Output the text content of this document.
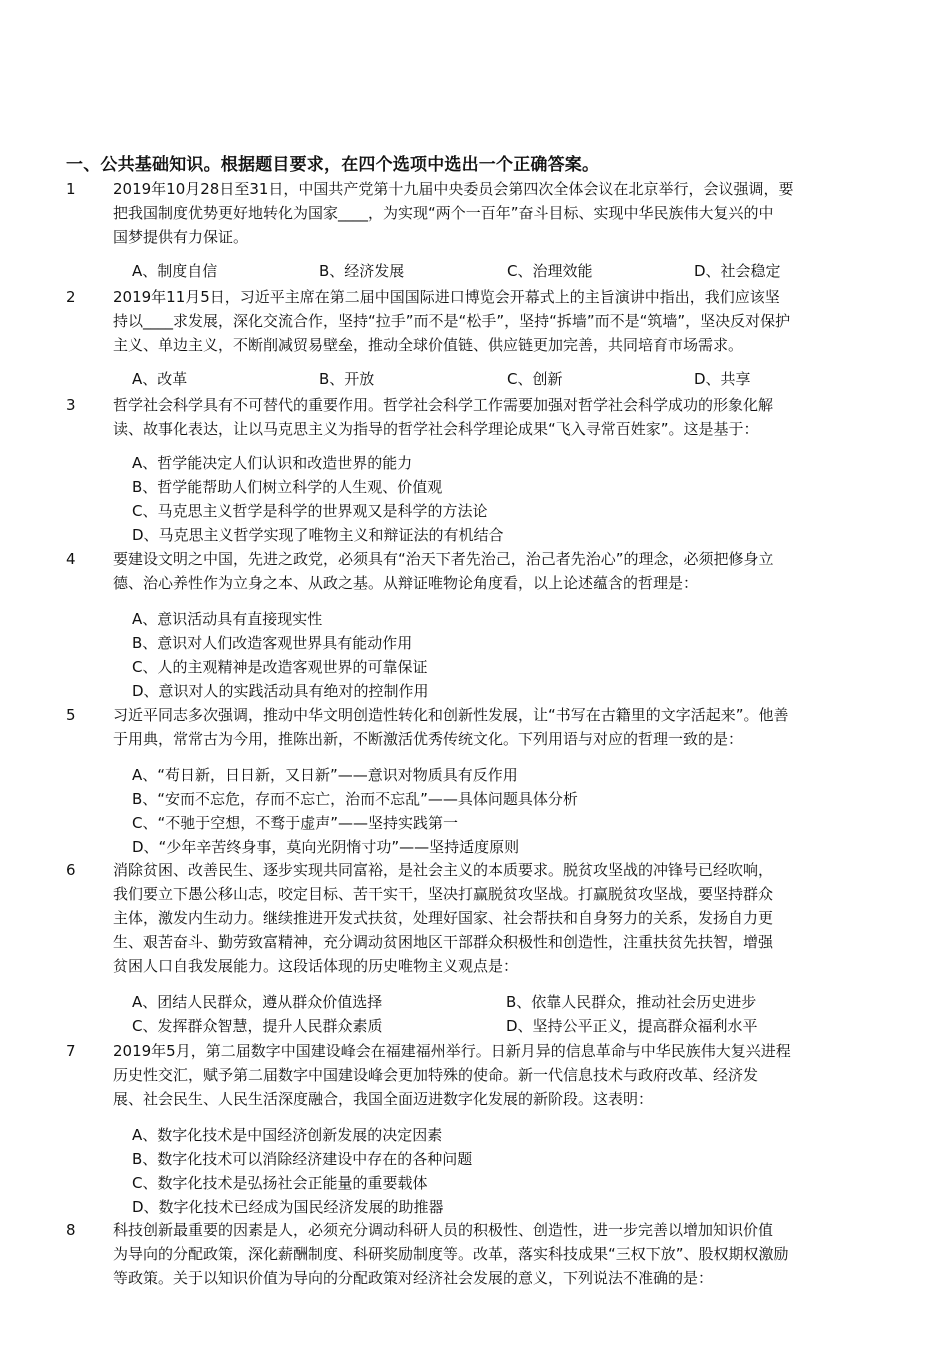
一、公共基础知识。根据题目要求，在四个选项中选出一个正确答案。
1 2019年10月28日至31日，中国共产党第十九届中央委员会第四次全体会议在北京举行，会议强调，要
把我国制度优势更好地转化为国家____，为实现“两个一百年”奋斗目标、实现中华民族伟大复兴的中
国梦提供有力保证。
A、制度自信	B、经济发展	C、治理效能	D、社会稳定
2 2019年11月5日，习近平主席在第二届中国国际进口博览会开幕式上的主旨演讲中指出，我们应该坚
持以____求发展，深化交流合作，坚持“拉手”而不是“松手”，坚持“拆墙”而不是“筑墙”，坚决反对保护
主义、单边主义，不断削减贸易壁垒，推动全球价值链、供应链更加完善，共同培育市场需求。
A、改革	B、开放	C、创新	D、共享
3 哲学社会科学具有不可替代的重要作用。哲学社会科学工作需要加强对哲学社会科学成功的形象化解
读、故事化表达，让以马克思主义为指导的哲学社会科学理论成果“飞入寻常百姓家”。这是基于：
A、哲学能决定人们认识和改造世界的能力
B、哲学能帮助人们树立科学的人生观、价值观
C、马克思主义哲学是科学的世界观又是科学的方法论
D、马克思主义哲学实现了唯物主义和辩证法的有机结合
4 要建设文明之中国，先进之政党，必须具有“治天下者先治己，治己者先治心”的理念，必须把修身立
德、治心养性作为立身之本、从政之基。从辩证唯物论角度看，以上论述蕴含的哲理是：
A、意识活动具有直接现实性
B、意识对人们改造客观世界具有能动作用
C、人的主观精神是改造客观世界的可靠保证
D、意识对人的实践活动具有绝对的控制作用
5 习近平同志多次强调，推动中华文明创造性转化和创新性发展，让“书写在古籍里的文字活起来”。他善
于用典，常常古为今用，推陈出新，不断激活优秀传统文化。下列用语与对应的哲理一致的是：
A、“苟日新，日日新，又日新”——意识对物质具有反作用
B、“安而不忘危，存而不忘亡，治而不忘乱”——具体问题具体分析
C、“不驰于空想，不骛于虚声”——坚持实践第一
D、“少年辛苦终身事，莫向光阴惰寸功”——坚持适度原则
6 消除贫困、改善民生、逐步实现共同富裕，是社会主义的本质要求。脱贫攻坚战的冲锋号已经吹响，
我们要立下愚公移山志，咬定目标、苦干实干，坚决打赢脱贫攻坚战。打赢脱贫攻坚战，要坚持群众
主体，激发内生动力。继续推进开发式扶贫，处理好国家、社会帮扶和自身努力的关系，发扬自力更
生、艰苦奋斗、勤劳致富精神，充分调动贫困地区干部群众积极性和创造性，注重扶贫先扶智，增强
贫困人口自我发展能力。这段话体现的历史唯物主义观点是：
A、团结人民群众，遵从群众价值选择	B、依靠人民群众，推动社会历史进步
C、发挥群众智慧，提升人民群众素质	D、坚持公平正义，提高群众福利水平
7 2019年5月，第二届数字中国建设峰会在福建福州举行。日新月异的信息革命与中华民族伟大复兴进程
历史性交汇，赋予第二届数字中国建设峰会更加特殊的使命。新一代信息技术与政府改革、经济发
展、社会民生、人民生活深度融合，我国全面迈进数字化发展的新阶段。这表明：
A、数字化技术是中国经济创新发展的决定因素
B、数字化技术可以消除经济建设中存在的各种问题
C、数字化技术是弘扬社会正能量的重要载体
D、数字化技术已经成为国民经济发展的助推器
8 科技创新最重要的因素是人，必须充分调动科研人员的积极性、创造性，进一步完善以增加知识价值
为导向的分配政策，深化薪酬制度、科研奖励制度等。改革，落实科技成果“三权下放”、股权期权激励
等政策。关于以知识价值为导向的分配政策对经济社会发展的意义，下列说法不准确的是：
